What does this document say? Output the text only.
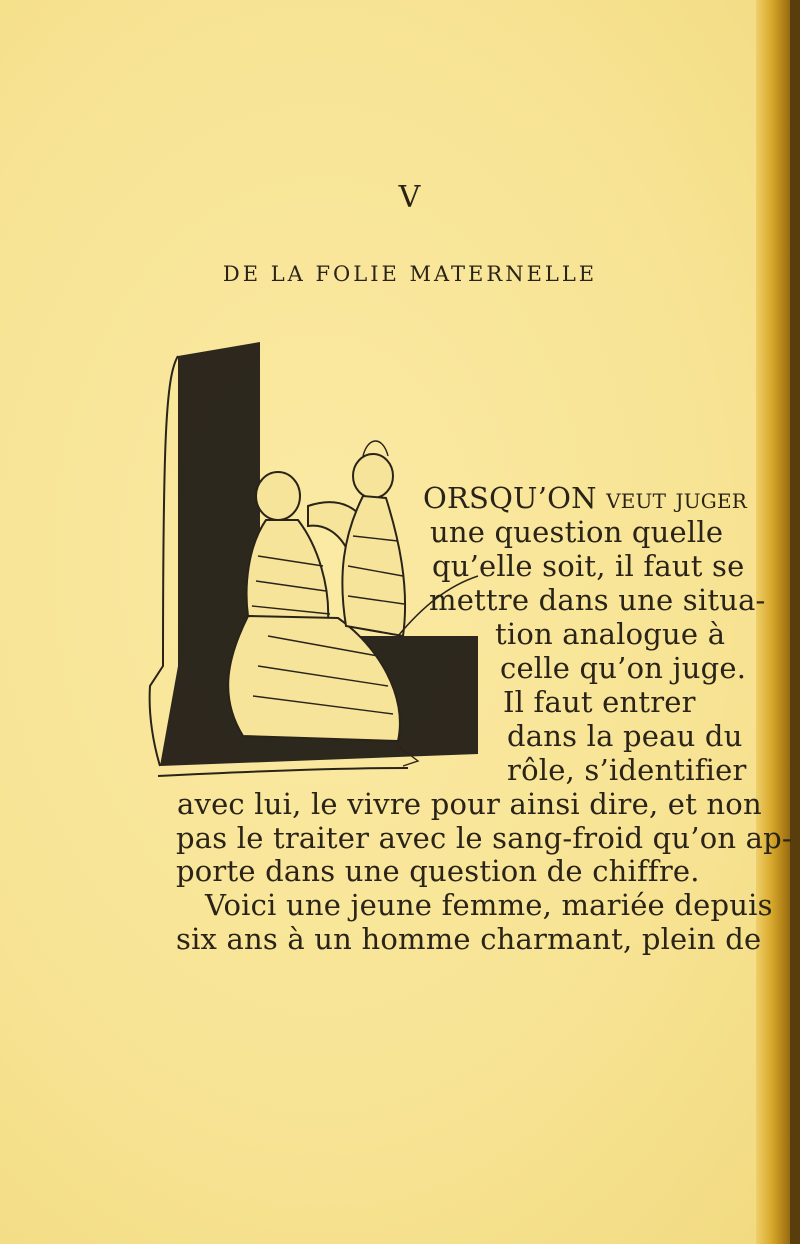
V
DE LA FOLIE MATERNELLE
ORSQU’ON veut juger
une question quelle
qu’elle soit, il faut se
mettre dans une situa-
tion analogue à
celle qu’on juge.
Il faut entrer
dans la peau du
rôle, s’identifier
avec lui, le vivre pour ainsi dire, et non
pas le traiter avec le sang-froid qu’on ap-
porte dans une question de chiffre.
Voici une jeune femme, mariée depuis
six ans à un homme charmant, plein de
